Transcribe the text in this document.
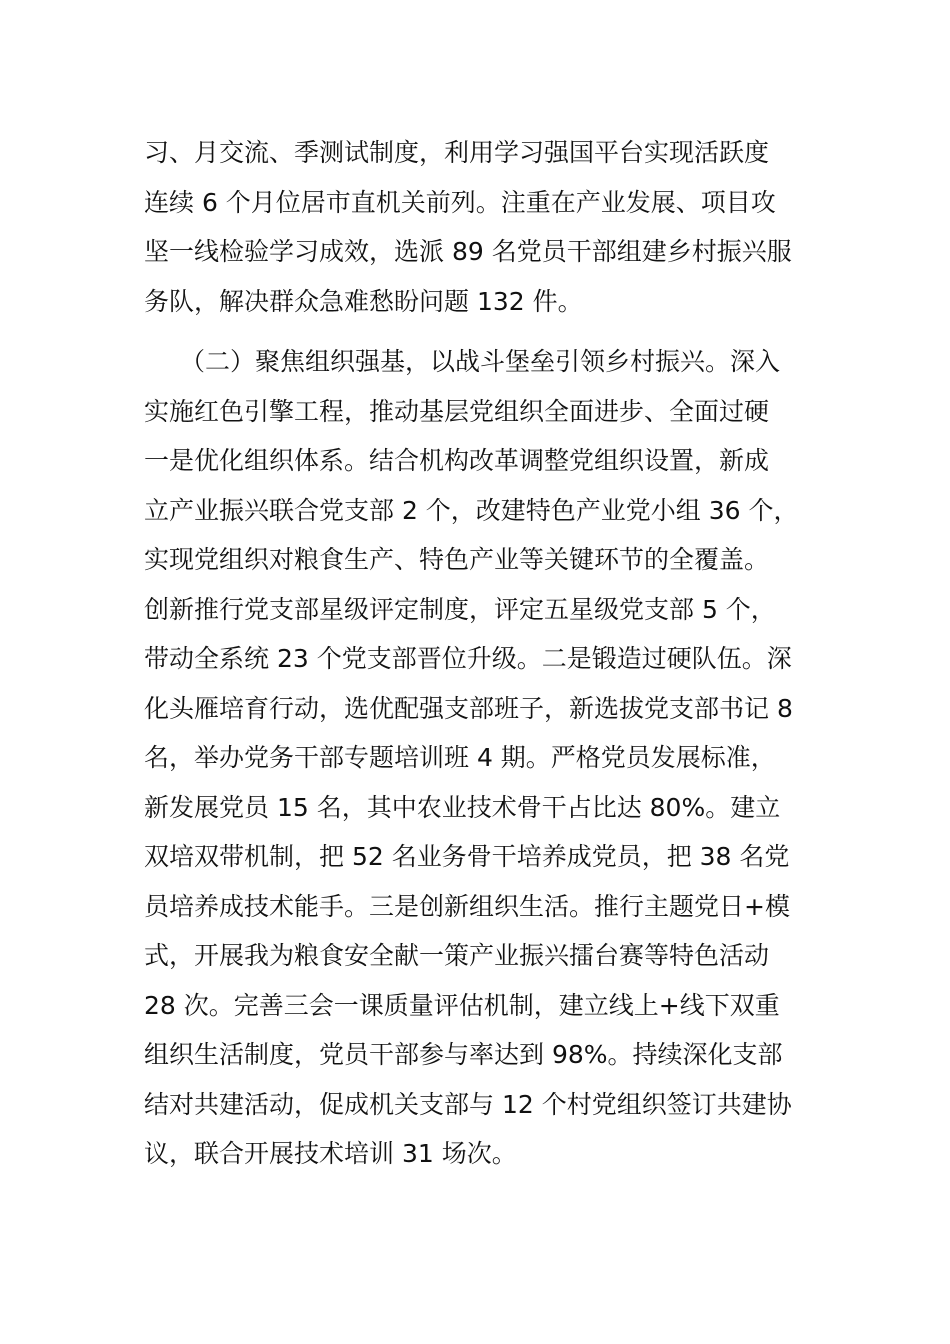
习、月交流、季测试制度，利用学习强国平台实现活跃度
连续 6 个月位居市直机关前列。注重在产业发展、项目攻
坚一线检验学习成效，选派 89 名党员干部组建乡村振兴服
务队，解决群众急难愁盼问题 132 件。
（二）聚焦组织强基，以战斗堡垒引领乡村振兴。深入
实施红色引擎工程，推动基层党组织全面进步、全面过硬
一是优化组织体系。结合机构改革调整党组织设置，新成
立产业振兴联合党支部 2 个，改建特色产业党小组 36 个，
实现党组织对粮食生产、特色产业等关键环节的全覆盖。
创新推行党支部星级评定制度，评定五星级党支部 5 个，
带动全系统 23 个党支部晋位升级。二是锻造过硬队伍。深
化头雁培育行动，选优配强支部班子，新选拔党支部书记 8
名，举办党务干部专题培训班 4 期。严格党员发展标准，
新发展党员 15 名，其中农业技术骨干占比达 80%。建立
双培双带机制，把 52 名业务骨干培养成党员，把 38 名党
员培养成技术能手。三是创新组织生活。推行主题党日+模
式，开展我为粮食安全献一策产业振兴擂台赛等特色活动
28 次。完善三会一课质量评估机制，建立线上+线下双重
组织生活制度，党员干部参与率达到 98%。持续深化支部
结对共建活动，促成机关支部与 12 个村党组织签订共建协
议，联合开展技术培训 31 场次。
